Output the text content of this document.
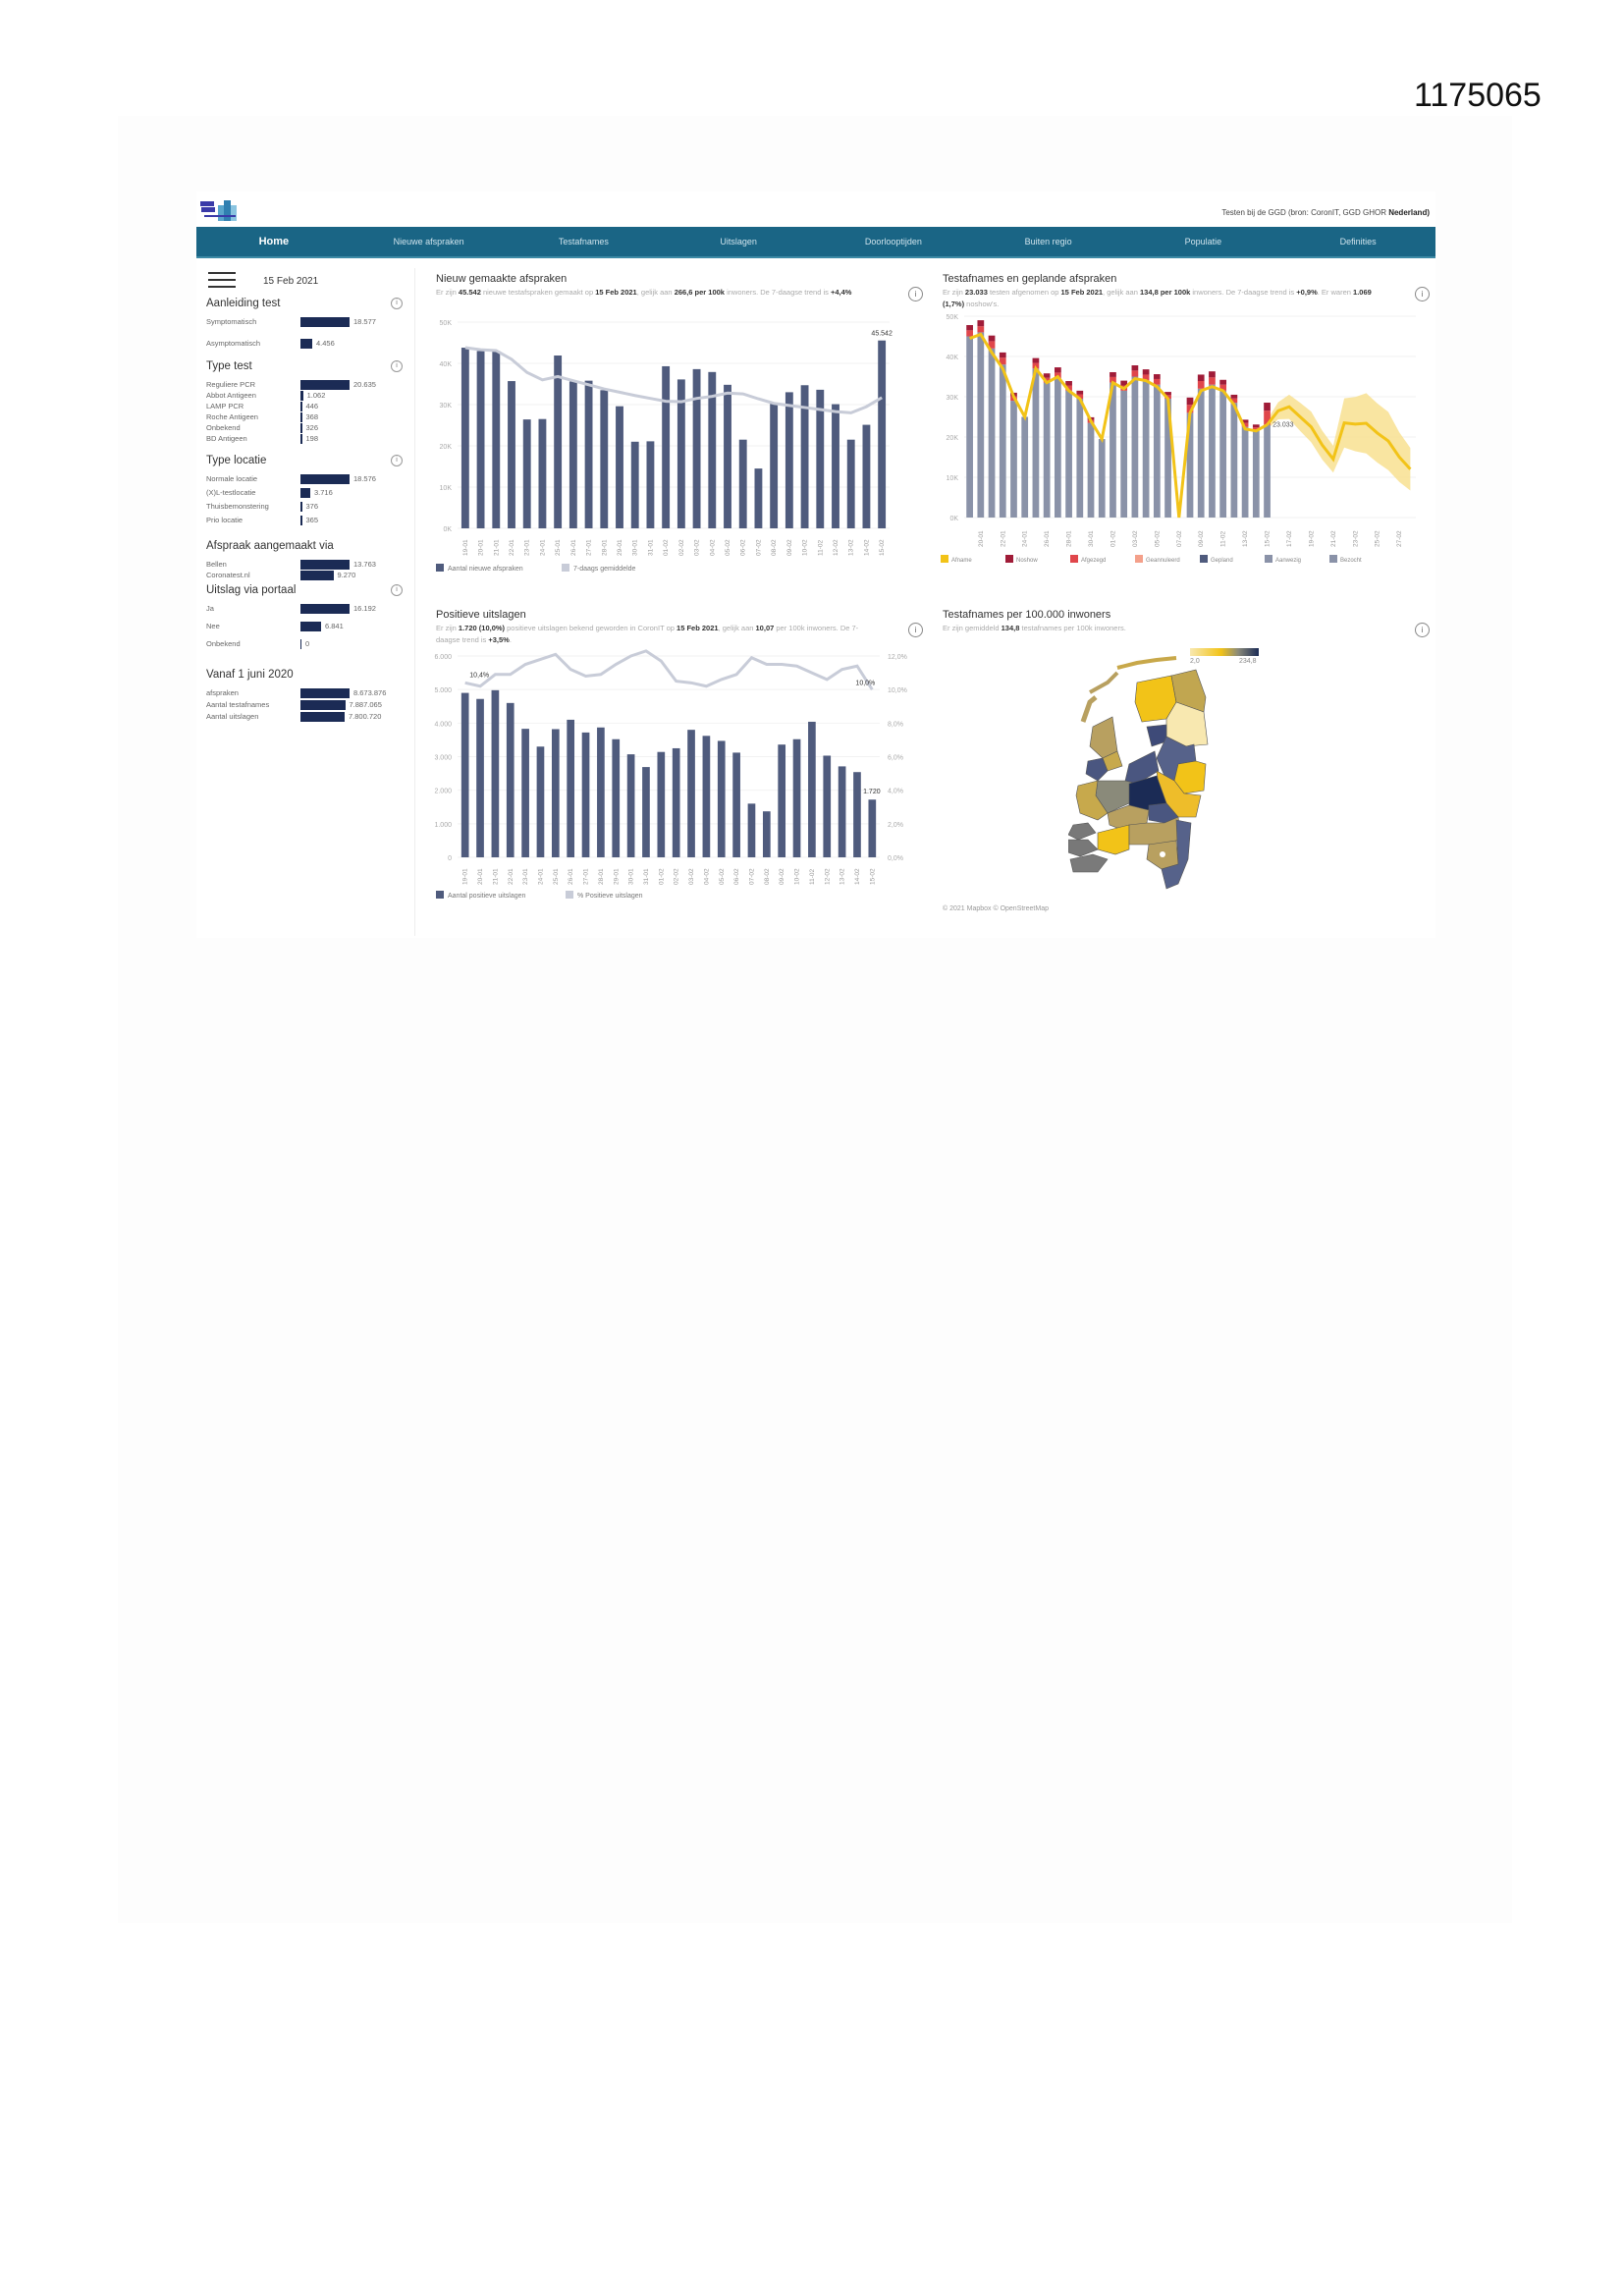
1175065
Testen bij de GGD (bron: CoronIT, GGD GHOR Nederland)
Home	Nieuwe afspraken	Testafnames	Uitslagen	Doorlooptijden	Buiten regio	Populatie	Definities
15 Feb 2021
Aanleiding test	i
Symptomatisch	18.577
Asymptomatisch	4.456
Type test	i
Reguliere PCR	20.635
Abbot Antigeen	1.062
LAMP PCR	446
Roche Antigeen	368
Onbekend	326
BD Antigeen	198
Type locatie	i
Normale locatie	18.576
(X)L-testlocatie	3.716
Thuisbemonstering	376
Prio locatie	365
Afspraak aangemaakt via
Bellen	13.763
Coronatest.nl	9.270
Uitslag via portaal	i
Ja	16.192
Nee	6.841
Onbekend	0
Vanaf 1 juni 2020
afspraken	8.673.876
Aantal testafnames	7.887.065
Aantal uitslagen	7.800.720
Nieuw gemaakte afspraken
Er zijn 45.542 nieuwe testafspraken gemaakt op 15 Feb 2021, gelijk aan 266,6 per 100k inwoners. De 7-daagse trend is +4,4%	i
0K
10K
20K
30K
40K
50K
19-01 20-01 21-01 22-01 23-01 24-01 25-01 26-01 27-01 28-01 29-01 30-01 31-01 01-02 02-02 03-02 04-02 05-02 06-02 07-02 08-02 09-02 10-02 11-02 12-02 13-02 14-02 15-02
45.542
Aantal nieuwe afspraken	7-daags gemiddelde
Positieve uitslagen
Er zijn 1.720 (10,0%) positieve uitslagen bekend geworden in CoronIT op 15 Feb 2021, gelijk aan 10,07 per 100k inwoners. De 7-daagse trend is +3,5%.
i
0	0,0%
1.000	2,0%
2.000	4,0%
3.000	6,0%
4.000	8,0%
5.000	10,0%
6.000	12,0%
19-01 20-01 21-01 22-01 23-01 24-01 25-01 26-01 27-01 28-01 29-01 30-01 31-01 01-02 02-02 03-02 04-02 05-02 06-02 07-02 08-02 09-02 10-02 11-02 12-02 13-02 14-02 15-02
10,4%
10,0%
1.720
Aantal positieve uitslagen	% Positieve uitslagen
Testafnames en geplande afspraken
Er zijn 23.033 testen afgenomen op 15 Feb 2021, gelijk aan 134,8 per 100k inwoners. De 7-daagse trend is +0,9%. Er waren 1.069 (1,7%) noshow's.
i
0K
10K
20K
30K
40K
50K
23.033
20-01 22-01 24-01 26-01 28-01 30-01 01-02 03-02 05-02 07-02 09-02 11-02 13-02 15-02 17-02 19-02 21-02 23-02 25-02 27-02
Afname	Noshow	Afgezegd	Geannuleerd	Gepland	Aanwezig	Bezocht
Testafnames per 100.000 inwoners
Er zijn gemiddeld 134,8 testafnames per 100k inwoners.	i
2,0	234,8
© 2021 Mapbox © OpenStreetMap
